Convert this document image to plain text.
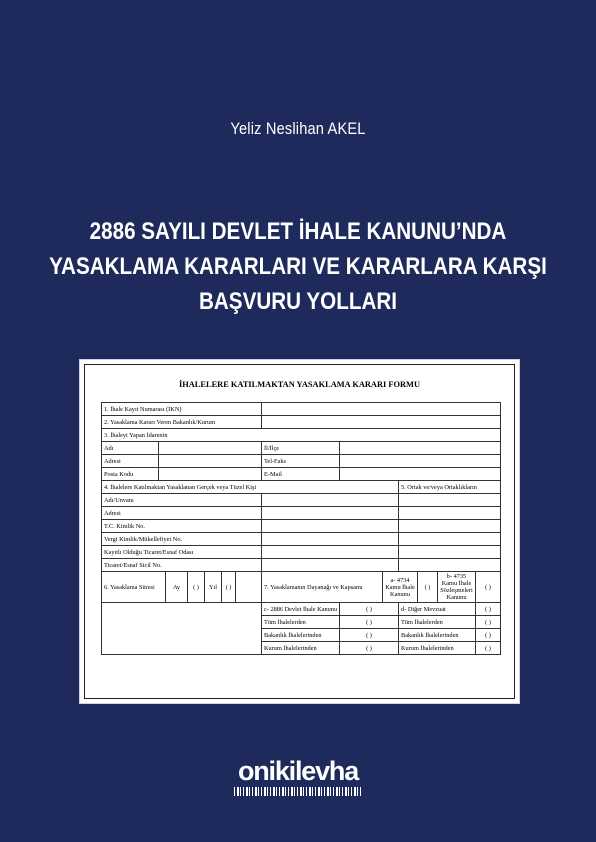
Yeliz Neslihan AKEL
2886 SAYILI DEVLET İHALE KANUNU’NDA
YASAKLAMA KARARLARI VE KARARLARA KARŞI
BAŞVURU YOLLARI
İHALELERE KATILMAKTAN YASAKLAMA KARARI FORMU
1. İhale Kayıt Numarası (İKN)													
2. Yasaklama Kararı Veren Bakanlık/Kurum													
3. İhaleyi Yapan İdarenin													
Adı							İl/İlçe						
Adresi							Tel-Faks						
Posta Kodu							E-Mail						
4. İhalelere Katılmaktan Yasaklanan Gerçek veya Tüzel Kişi										5. Ortak ve/veya Ortaklıkların			
Adı/Unvanı													
Adresi													
T.C. Kimlik No.													
Vergi Kimlik/Mükellefiyet No.													
Kayıtlı Olduğu Ticaret/Esnaf Odası													
Ticaret/Esnaf Sicil No.													
6. Yasaklama Süresi		Ay	( )	Yıl	( )		7. Yasaklamanın Dayanağı ve Kapsamı		a- 4734 Kamu İhale Kanunu		( )	b- 4735 Kamu İhale Sözleşmeleri Kanunu	( )
							c- 2886 Devlet İhale Kanunu	( )		d- Diğer Mevzuat			( )
							Tüm İhalelerden	( )		Tüm İhalelerden			( )
							Bakanlık İhalelerinden	( )		Bakanlık İhalelerinden			( )
							Kurum İhalelerinden	( )		Kurum İhalelerinden			( )
onikilevha
